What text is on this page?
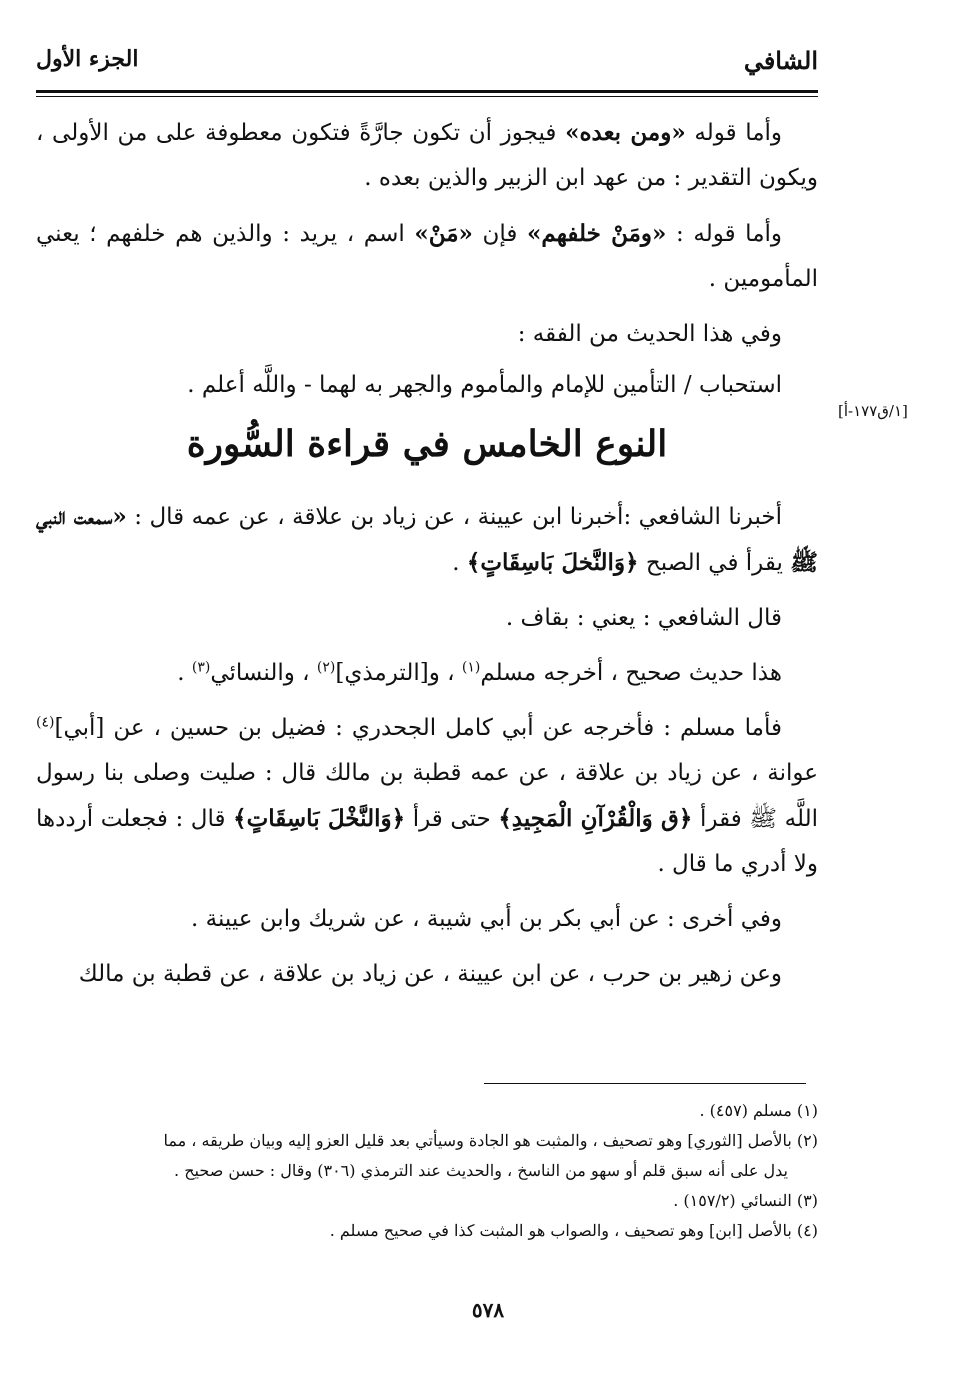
الشافي
الجزء الأول
[١/ق١٧٧-أ]

وأما قوله «ومن بعده» فيجوز أن تكون جارَّةً فتكون معطوفة على من الأولى ، ويكون التقدير : من عهد ابن الزبير والذين بعده .

وأما قوله : «ومَنْ خلفهم» فإن «مَنْ» اسم ، يريد : والذين هم خلفهم ؛ يعني المأمومين .

وفي هذا الحديث من الفقه :

استحباب / التأمين للإمام والمأموم والجهر به لهما - واللَّه أعلم .

النوع الخامس في قراءة السُّورة

أخبرنا الشافعي :أخبرنا ابن عيينة ، عن زياد بن علاقة ، عن عمه قال : «سمعت النبي ﷺ يقرأ في الصبح ﴿وَالنَّخلَ بَاسِقَاتٍ﴾ .

قال الشافعي : يعني : بقاف .

هذا حديث صحيح ، أخرجه مسلم$^{(١)}$ ، و[الترمذي]$^{(٢)}$ ، والنسائي$^{(٣)}$ .

فأما مسلم : فأخرجه عن أبي كامل الجحدري : فضيل بن حسين ، عن [أبي]$^{(٤)}$ عوانة ، عن زياد بن علاقة ، عن عمه قطبة بن مالك قال : صليت وصلى بنا رسول اللَّه ﷺ فقرأ ﴿ق وَالْقُرْآنِ الْمَجِيدِ﴾ حتى قرأ ﴿وَالنَّخْلَ بَاسِقَاتٍ﴾ قال : فجعلت أرددها ولا أدري ما قال .

وفي أخرى : عن أبي بكر بن أبي شيبة ، عن شريك وابن عيينة .

وعن زهير بن حرب ، عن ابن عيينة ، عن زياد بن علاقة ، عن قطبة بن مالك

(١) مسلم (٤٥٧) .

(٢) بالأصل [الثوري] وهو تصحيف ، والمثبت هو الجادة وسيأتي بعد قليل العزو إليه وبيان طريقه ، مما
يدل على أنه سبق قلم أو سهو من الناسخ ، والحديث عند الترمذي (٣٠٦) وقال : حسن صحيح .

(٣) النسائي (١٥٧/٢) .

(٤) بالأصل [ابن] وهو تصحيف ، والصواب هو المثبت كذا في صحيح مسلم .

٥٧٨
